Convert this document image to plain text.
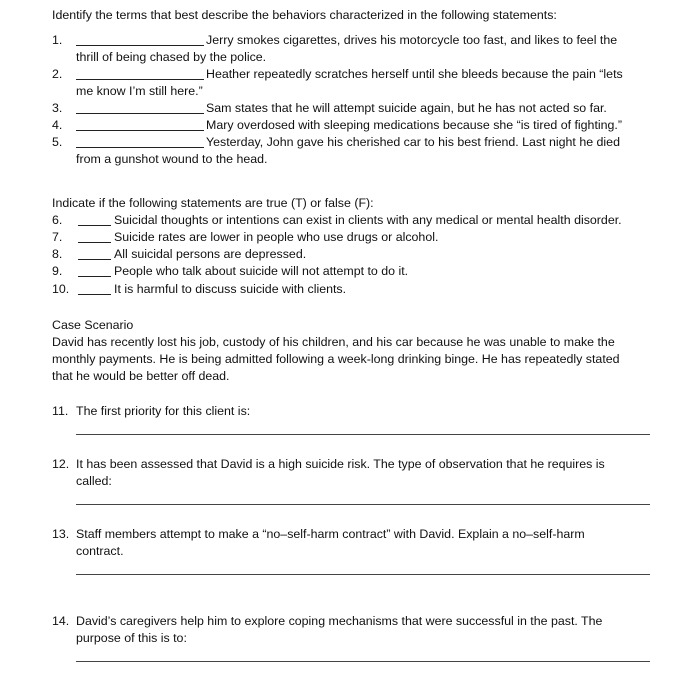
Identify the terms that best describe the behaviors characterized in the following statements:
1.	Jerry smokes cigarettes, drives his motorcycle too fast, and likes to feel the
thrill of being chased by the police.
2.	Heather repeatedly scratches herself until she bleeds because the pain “lets
me know I’m still here.”
3.	Sam states that he will attempt suicide again, but he has not acted so far.
4.	Mary overdosed with sleeping medications because she “is tired of fighting.”
5.	Yesterday, John gave his cherished car to his best friend. Last night he died
from a gunshot wound to the head.
Indicate if the following statements are true (T) or false (F):
6.	Suicidal thoughts or intentions can exist in clients with any medical or mental health disorder.
7.	Suicide rates are lower in people who use drugs or alcohol.
8.	All suicidal persons are depressed.
9.	People who talk about suicide will not attempt to do it.
10.	It is harmful to discuss suicide with clients.
Case Scenario
David has recently lost his job, custody of his children, and his car because he was unable to make the
monthly payments. He is being admitted following a week-long drinking binge. He has repeatedly stated
that he would be better off dead.
11. The first priority for this client is:
12. It has been assessed that David is a high suicide risk. The type of observation that he requires is
called:
13. Staff members attempt to make a “no–self-harm contract” with David. Explain a no–self-harm
contract.
14. David’s caregivers help him to explore coping mechanisms that were successful in the past. The
purpose of this is to:
